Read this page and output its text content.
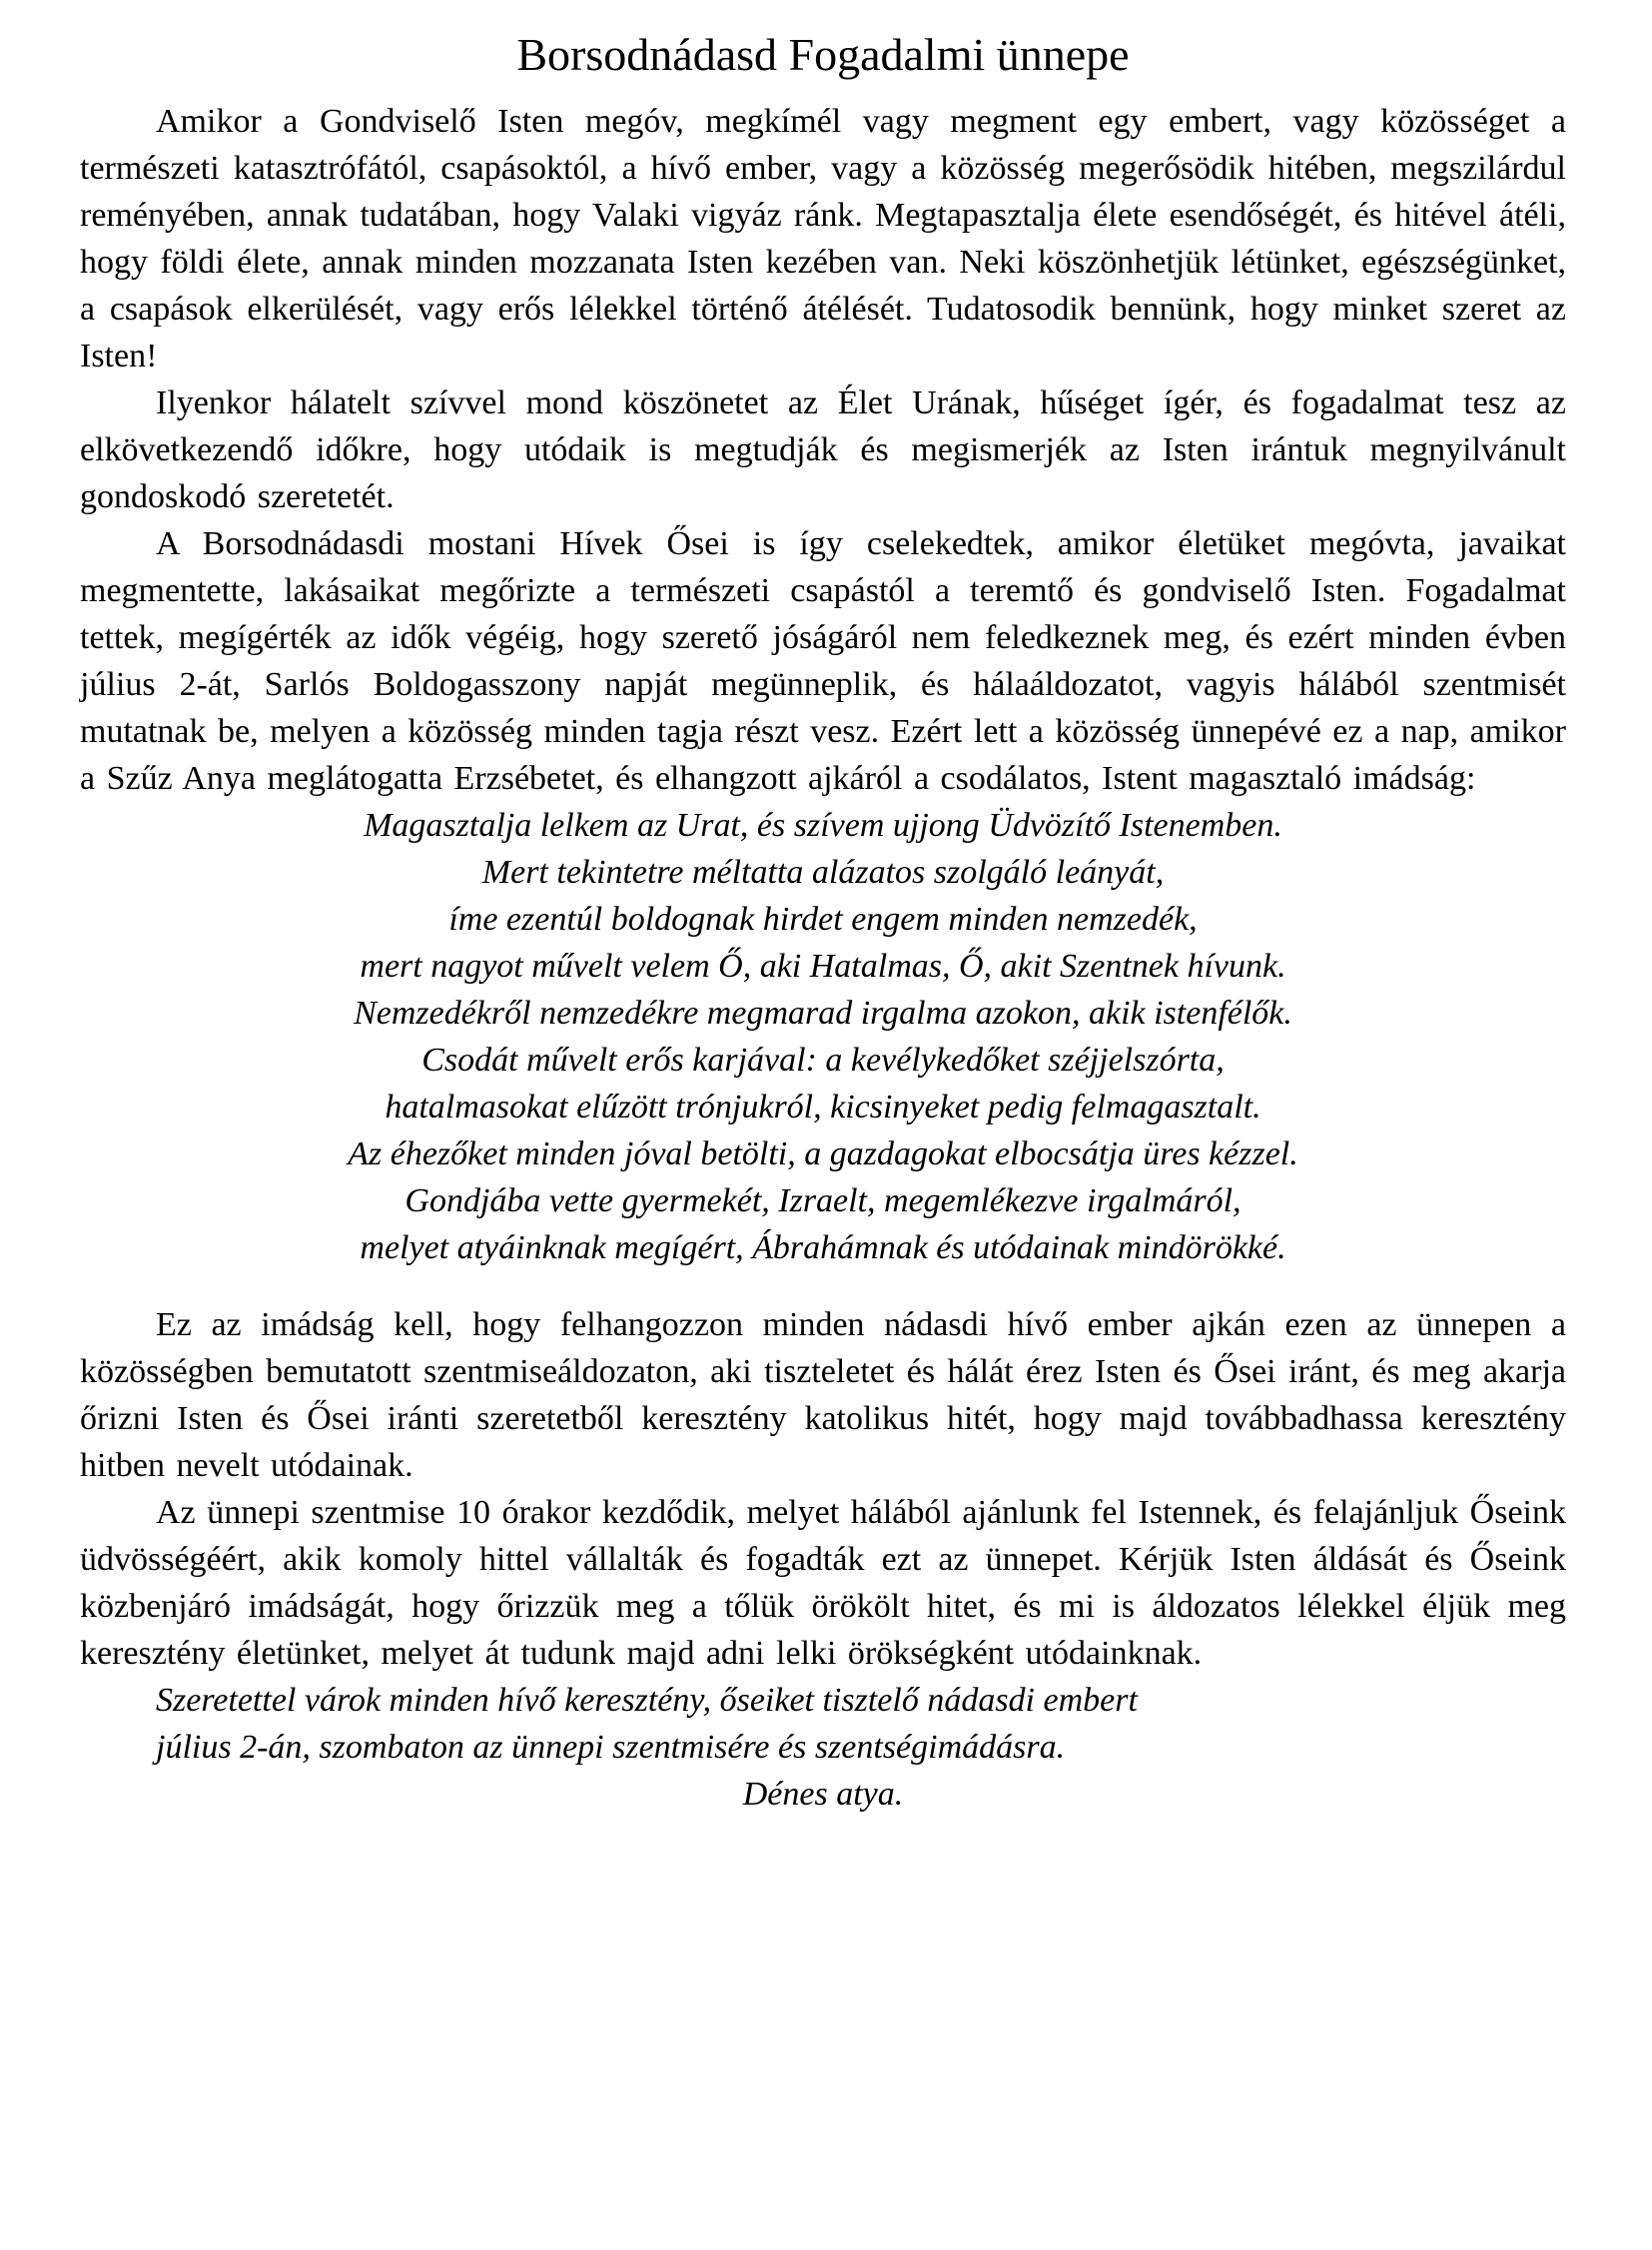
Borsodnádasd Fogadalmi ünnepe

Amikor a Gondviselő Isten megóv, megkímél vagy megment egy embert, vagy közösséget a természeti katasztrófától, csapásoktól, a hívő ember, vagy a közösség megerősödik hitében, megszilárdul reményében, annak tudatában, hogy Valaki vigyáz ránk. Megtapasztalja élete esendőségét, és hitével átéli, hogy földi élete, annak minden mozzanata Isten kezében van. Neki köszönhetjük létünket, egészségünket, a csapások elkerülését, vagy erős lélekkel történő átélését. Tudatosodik bennünk, hogy minket szeret az Isten!

Ilyenkor hálatelt szívvel mond köszönetet az Élet Urának, hűséget ígér, és fogadalmat tesz az elkövetkezendő időkre, hogy utódaik is megtudják és megismerjék az Isten irántuk megnyilvánult gondoskodó szeretetét.

A Borsodnádasdi mostani Hívek Ősei is így cselekedtek, amikor életüket megóvta, javaikat megmentette, lakásaikat megőrizte a természeti csapástól a teremtő és gondviselő Isten. Fogadalmat tettek, megígérték az idők végéig, hogy szerető jóságáról nem feledkeznek meg, és ezért minden évben július 2-át, Sarlós Boldogasszony napját megünneplik, és hálaáldozatot, vagyis hálából szentmisét mutatnak be, melyen a közösség minden tagja részt vesz. Ezért lett a közösség ünnepévé ez a nap, amikor a Szűz Anya meglátogatta Erzsébetet, és elhangzott ajkáról a csodálatos, Istent magasztaló imádság:

Magasztalja lelkem az Urat, és szívem ujjong Üdvözítő Istenemben.
Mert tekintetre méltatta alázatos szolgáló leányát,
íme ezentúl boldognak hirdet engem minden nemzedék,
mert nagyot művelt velem Ő, aki Hatalmas, Ő, akit Szentnek hívunk.
Nemzedékről nemzedékre megmarad irgalma azokon, akik istenfélők.
Csodát művelt erős karjával: a kevélykedőket széjjelszórta,
hatalmasokat elűzött trónjukról, kicsinyeket pedig felmagasztalt.
Az éhezőket minden jóval betölti, a gazdagokat elbocsátja üres kézzel.
Gondjába vette gyermekét, Izraelt, megemlékezve irgalmáról,
melyet atyáinknak megígért, Ábrahámnak és utódainak mindörökké.

Ez az imádság kell, hogy felhangozzon minden nádasdi hívő ember ajkán ezen az ünnepen a közösségben bemutatott szentmiseáldozaton, aki tiszteletet és hálát érez Isten és Ősei iránt, és meg akarja őrizni Isten és Ősei iránti szeretetből keresztény katolikus hitét, hogy majd továbbadhassa keresztény hitben nevelt utódainak.

Az ünnepi szentmise 10 órakor kezdődik, melyet hálából ajánlunk fel Istennek, és felajánljuk Őseink üdvösségéért, akik komoly hittel vállalták és fogadták ezt az ünnepet. Kérjük Isten áldását és Őseink közbenjáró imádságát, hogy őrizzük meg a tőlük örökölt hitet, és mi is áldozatos lélekkel éljük meg keresztény életünket, melyet át tudunk majd adni lelki örökségként utódainknak.

Szeretettel várok minden hívő keresztény, őseiket tisztelő nádasdi embert
július 2-án, szombaton az ünnepi szentmisére és szentségimádásra.
Dénes atya.
